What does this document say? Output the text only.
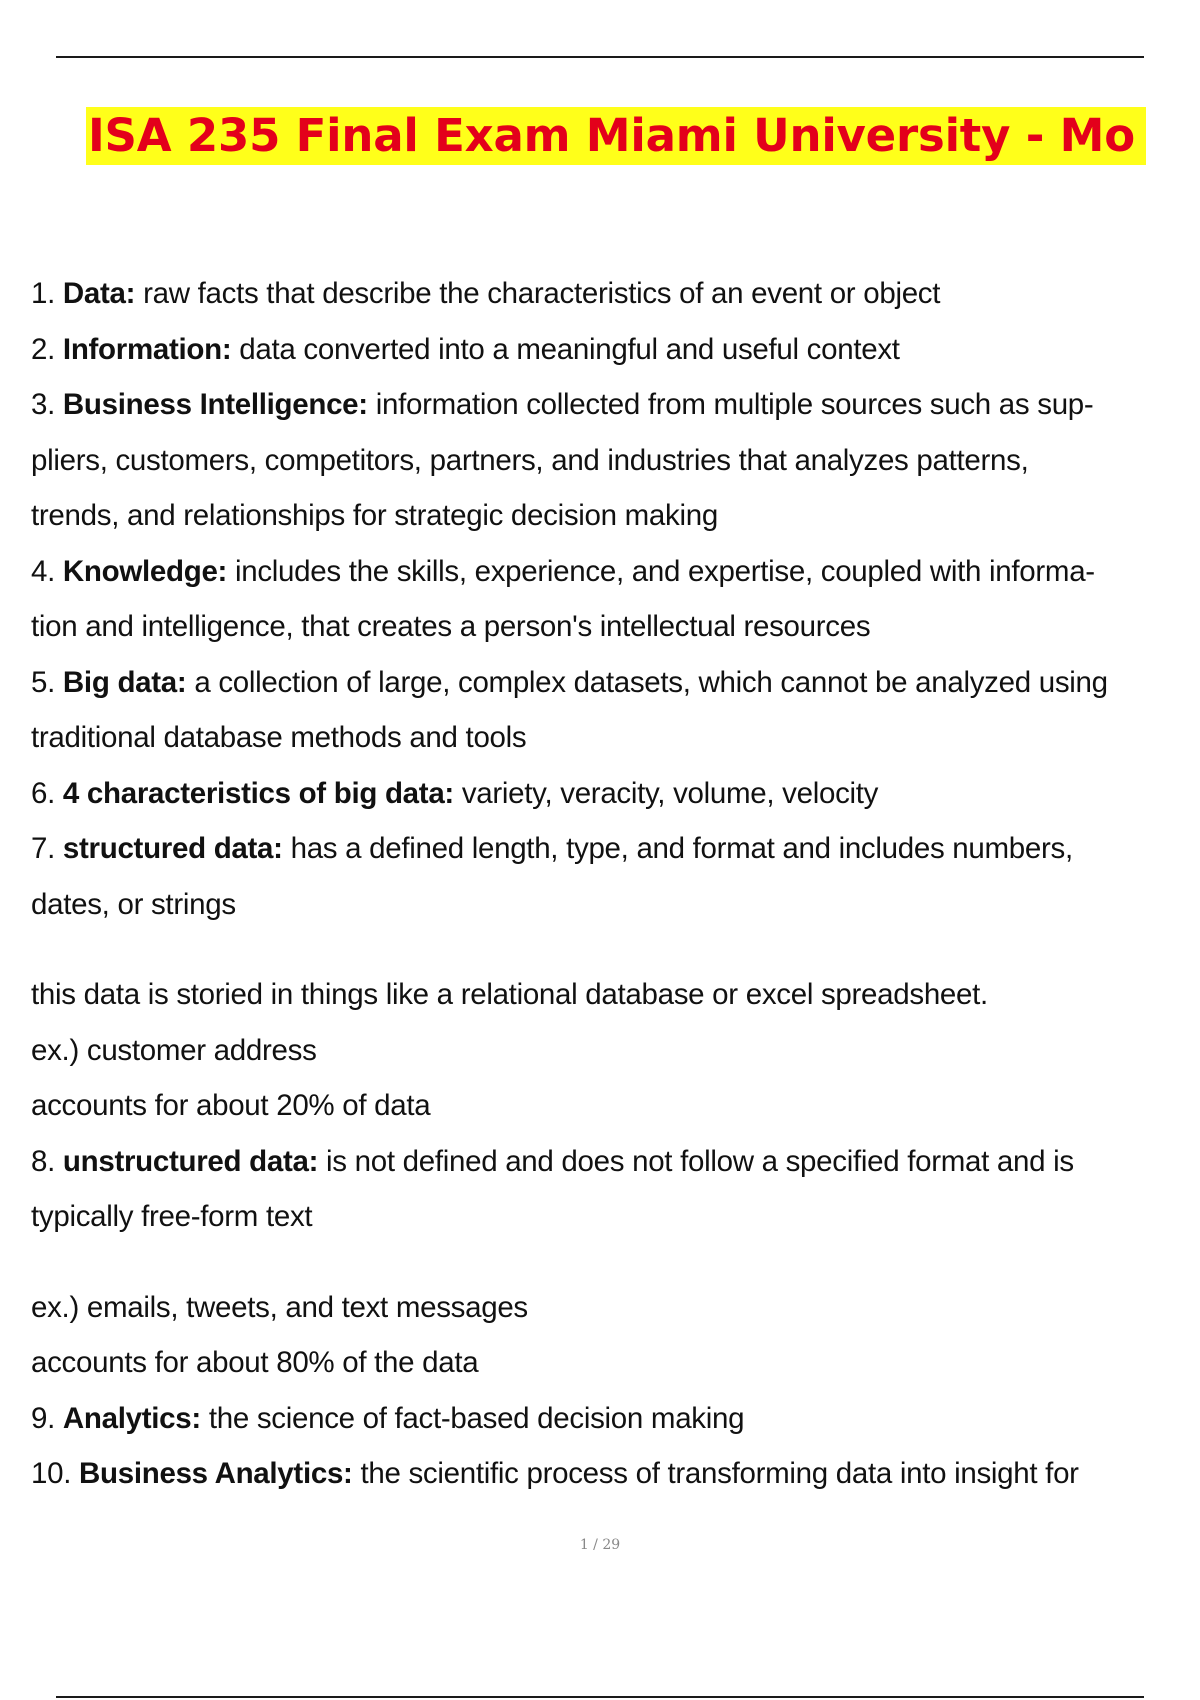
ISA 235 Final Exam Miami University - Mo
1. Data: raw facts that describe the characteristics of an event or object
2. Information: data converted into a meaningful and useful context
3. Business Intelligence: information collected from multiple sources such as sup-
pliers, customers, competitors, partners, and industries that analyzes patterns,
trends, and relationships for strategic decision making
4. Knowledge: includes the skills, experience, and expertise, coupled with informa-
tion and intelligence, that creates a person's intellectual resources
5. Big data: a collection of large, complex datasets, which cannot be analyzed using
traditional database methods and tools
6. 4 characteristics of big data: variety, veracity, volume, velocity
7. structured data: has a defined length, type, and format and includes numbers,
dates, or strings
this data is storied in things like a relational database or excel spreadsheet.
ex.) customer address
accounts for about 20% of data
8. unstructured data: is not defined and does not follow a specified format and is
typically free-form text
ex.) emails, tweets, and text messages
accounts for about 80% of the data
9. Analytics: the science of fact-based decision making
10. Business Analytics: the scientific process of transforming data into insight for
1 / 29
